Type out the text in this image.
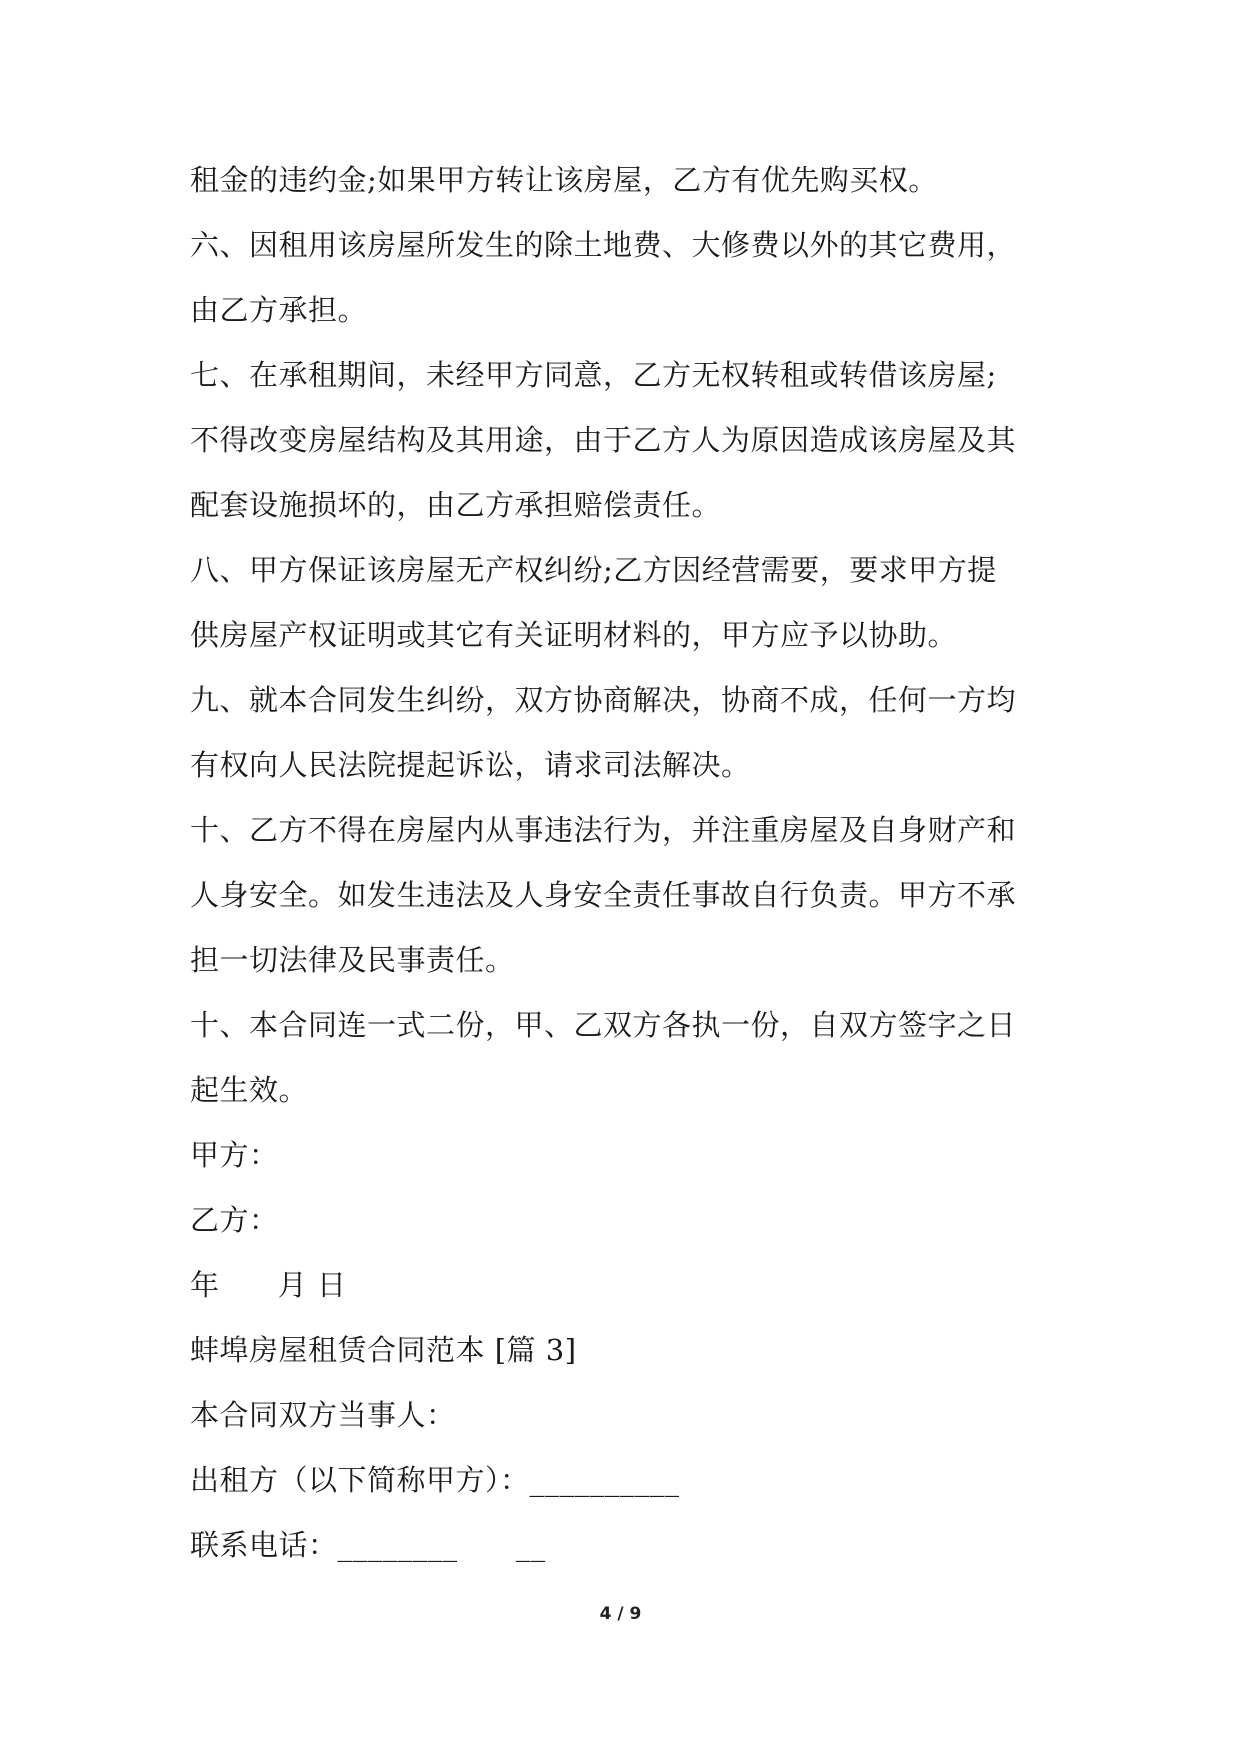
租金的违约金;如果甲方转让该房屋，乙方有优先购买权。
六、因租用该房屋所发生的除土地费、大修费以外的其它费用，
由乙方承担。
七、在承租期间，未经甲方同意，乙方无权转租或转借该房屋;
不得改变房屋结构及其用途，由于乙方人为原因造成该房屋及其
配套设施损坏的，由乙方承担赔偿责任。
八、甲方保证该房屋无产权纠纷;乙方因经营需要，要求甲方提
供房屋产权证明或其它有关证明材料的，甲方应予以协助。
九、就本合同发生纠纷，双方协商解决，协商不成，任何一方均
有权向人民法院提起诉讼，请求司法解决。
十、乙方不得在房屋内从事违法行为，并注重房屋及自身财产和
人身安全。如发生违法及人身安全责任事故自行负责。甲方不承
担一切法律及民事责任。
十、本合同连一式二份，甲、乙双方各执一份，自双方签字之日
起生效。
甲方：
乙方：
年      月 日
蚌埠房屋租赁合同范本 [篇 3]
本合同双方当事人：
出租方（以下简称甲方）：__________
联系电话：________      __
4 / 9
